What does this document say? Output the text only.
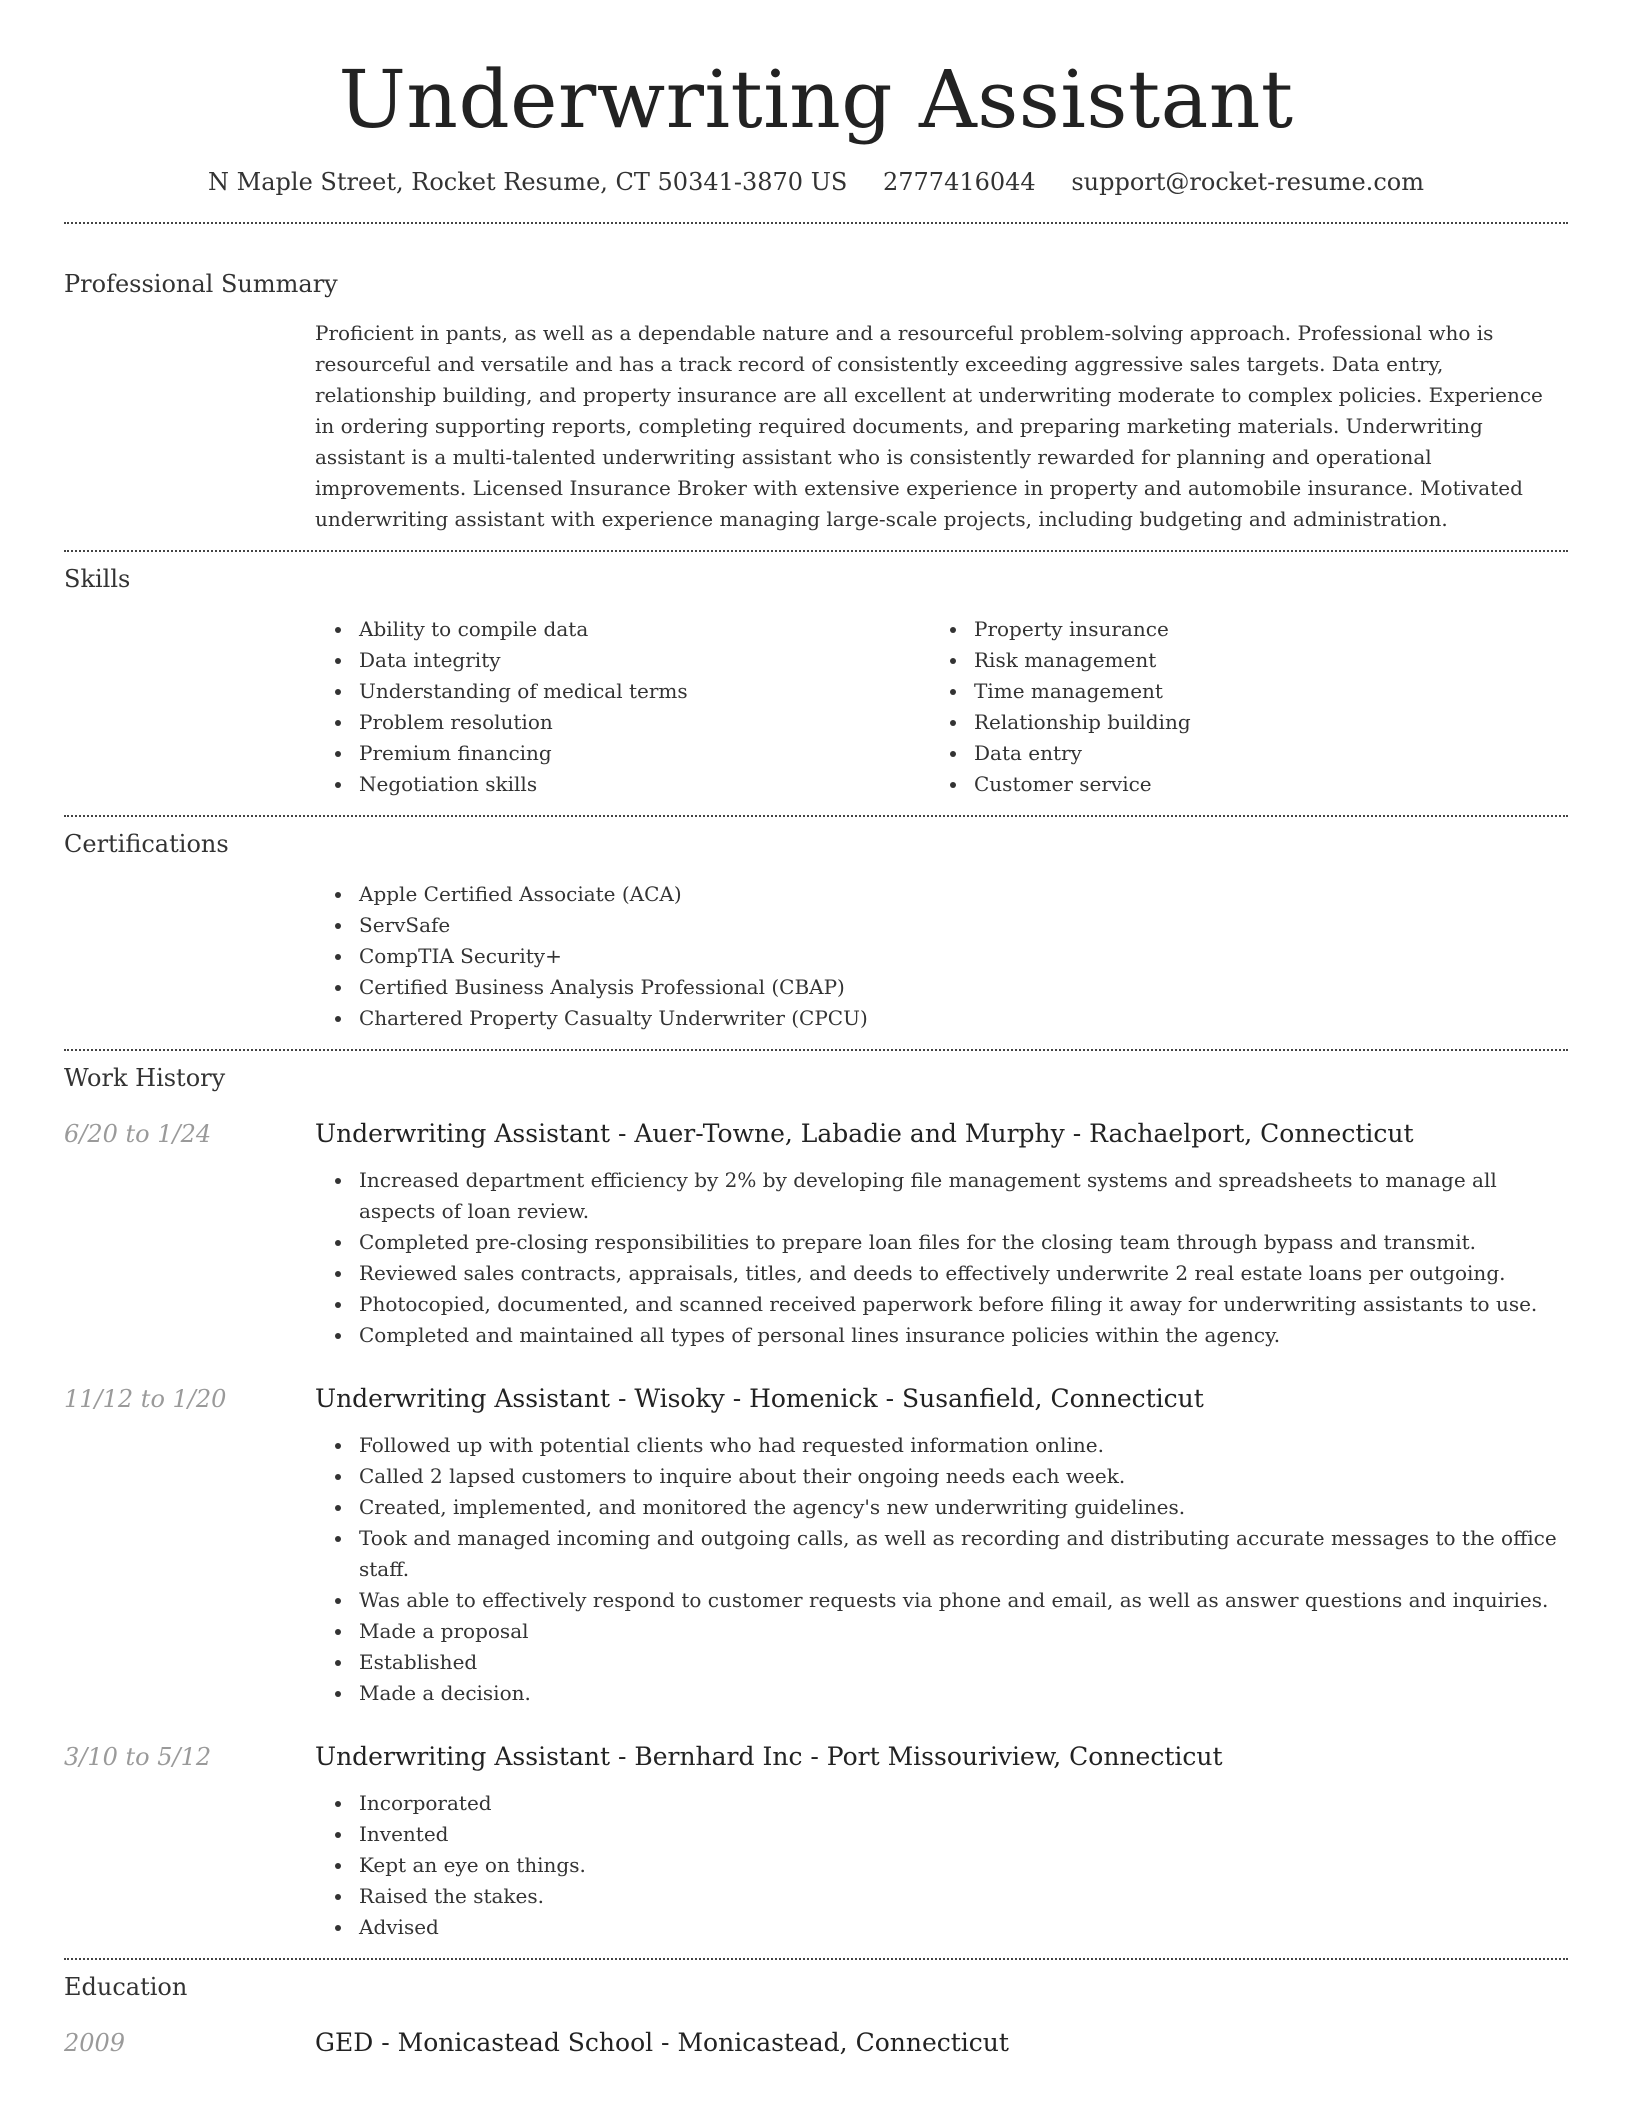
Underwriting Assistant
N Maple Street, Rocket Resume, CT 50341-3870 US 2777416044 support@rocket-resume.com
Professional Summary
Proficient in pants, as well as a dependable nature and a resourceful problem-solving approach. Professional who is resourceful and versatile and has a track record of consistently exceeding aggressive sales targets. Data entry, relationship building, and property insurance are all excellent at underwriting moderate to complex policies. Experience in ordering supporting reports, completing required documents, and preparing marketing materials. Underwriting assistant is a multi-talented underwriting assistant who is consistently rewarded for planning and operational improvements. Licensed Insurance Broker with extensive experience in property and automobile insurance. Motivated underwriting assistant with experience managing large-scale projects, including budgeting and administration.
Skills
Ability to compile data
Data integrity
Understanding of medical terms
Problem resolution
Premium financing
Negotiation skills
Property insurance
Risk management
Time management
Relationship building
Data entry
Customer service
Certifications
Apple Certified Associate (ACA)
ServSafe
CompTIA Security+
Certified Business Analysis Professional (CBAP)
Chartered Property Casualty Underwriter (CPCU)
Work History
6/20 to 1/24	Underwriting Assistant - Auer-Towne, Labadie and Murphy - Rachaelport, Connecticut
Increased department efficiency by 2% by developing file management systems and spreadsheets to manage all aspects of loan review.
Completed pre-closing responsibilities to prepare loan files for the closing team through bypass and transmit.
Reviewed sales contracts, appraisals, titles, and deeds to effectively underwrite 2 real estate loans per outgoing.
Photocopied, documented, and scanned received paperwork before filing it away for underwriting assistants to use.
Completed and maintained all types of personal lines insurance policies within the agency.
11/12 to 1/20	Underwriting Assistant - Wisoky - Homenick - Susanfield, Connecticut
Followed up with potential clients who had requested information online.
Called 2 lapsed customers to inquire about their ongoing needs each week.
Created, implemented, and monitored the agency's new underwriting guidelines.
Took and managed incoming and outgoing calls, as well as recording and distributing accurate messages to the office staff.
Was able to effectively respond to customer requests via phone and email, as well as answer questions and inquiries.
Made a proposal
Established
Made a decision.
3/10 to 5/12	Underwriting Assistant - Bernhard Inc - Port Missouriview, Connecticut
Incorporated
Invented
Kept an eye on things.
Raised the stakes.
Advised
Education
2009	GED - Monicastead School - Monicastead, Connecticut
